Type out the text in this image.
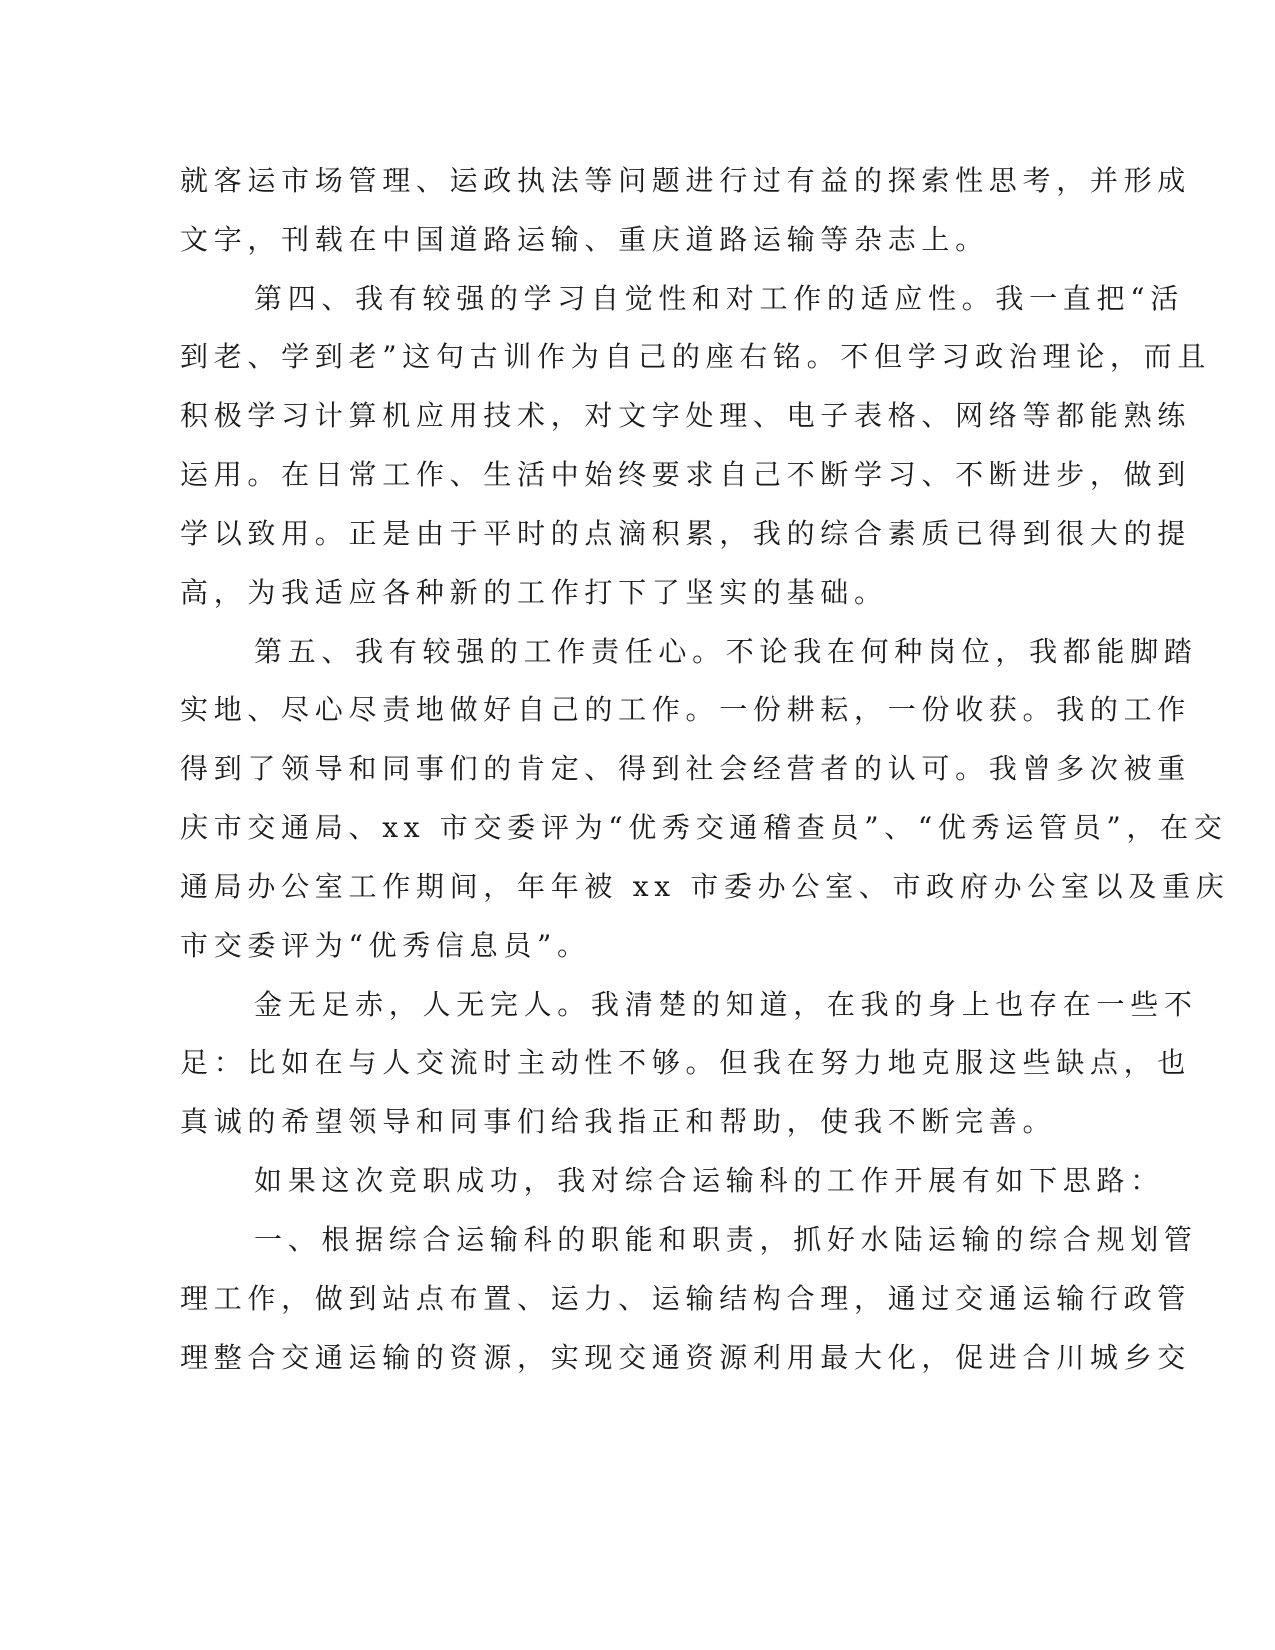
就客运市场管理、运政执法等问题进行过有益的探索性思考，并形成
文字，刊载在中国道路运输、重庆道路运输等杂志上。
第四、我有较强的学习自觉性和对工作的适应性。我一直把“活
到老、学到老”这句古训作为自己的座右铭。不但学习政治理论，而且
积极学习计算机应用技术，对文字处理、电子表格、网络等都能熟练
运用。在日常工作、生活中始终要求自己不断学习、不断进步，做到
学以致用。正是由于平时的点滴积累，我的综合素质已得到很大的提
高，为我适应各种新的工作打下了坚实的基础。
第五、我有较强的工作责任心。不论我在何种岗位，我都能脚踏
实地、尽心尽责地做好自己的工作。一份耕耘，一份收获。我的工作
得到了领导和同事们的肯定、得到社会经营者的认可。我曾多次被重
庆市交通局、xx 市交委评为“优秀交通稽查员”、“优秀运管员”，在交
通局办公室工作期间，年年被 xx 市委办公室、市政府办公室以及重庆
市交委评为“优秀信息员”。
金无足赤，人无完人。我清楚的知道，在我的身上也存在一些不
足：比如在与人交流时主动性不够。但我在努力地克服这些缺点，也
真诚的希望领导和同事们给我指正和帮助，使我不断完善。
如果这次竞职成功，我对综合运输科的工作开展有如下思路：
一、根据综合运输科的职能和职责，抓好水陆运输的综合规划管
理工作，做到站点布置、运力、运输结构合理，通过交通运输行政管
理整合交通运输的资源，实现交通资源利用最大化，促进合川城乡交
